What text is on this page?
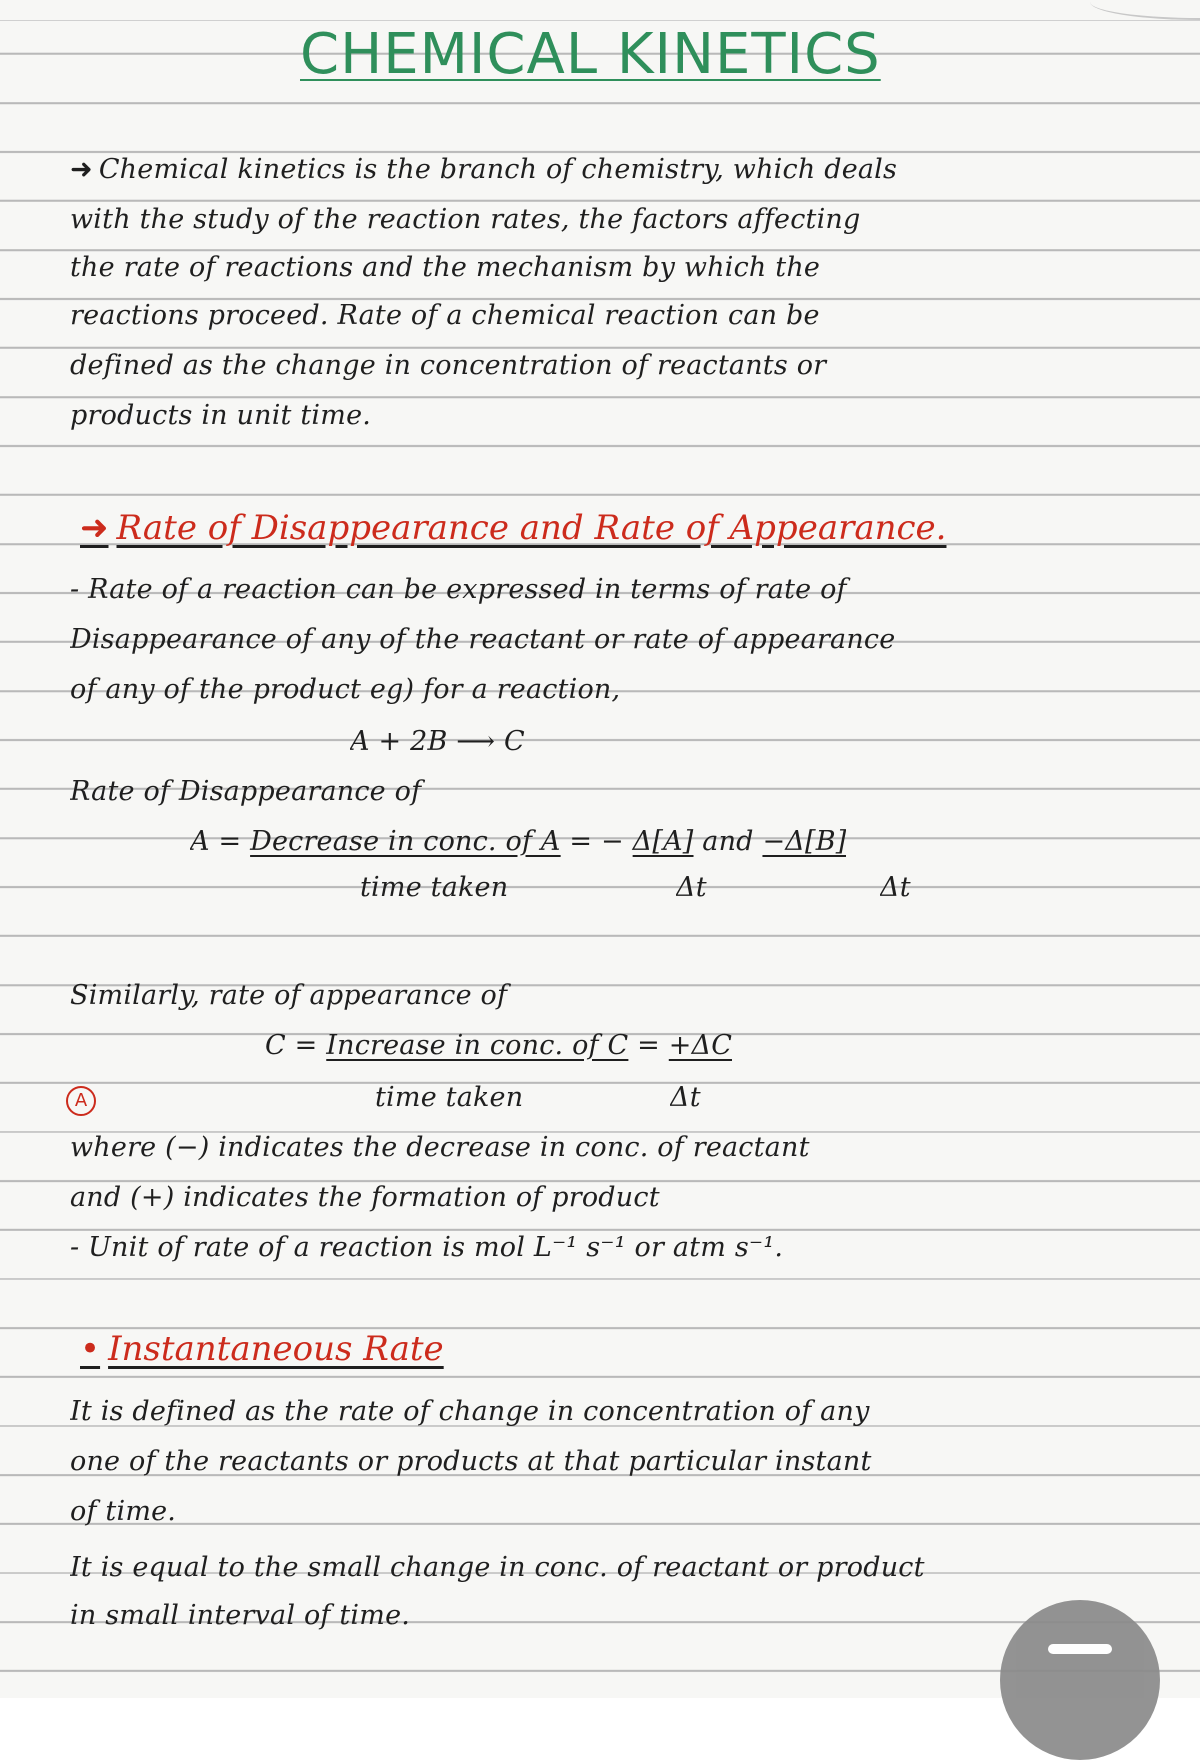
CHEMICAL KINETICS
➜ Chemical kinetics is the branch of chemistry, which deals
with the study of the reaction rates, the factors affecting
the rate of reactions and the mechanism by which the
reactions proceed. Rate of a chemical reaction can be
defined as the change in concentration of reactants or
products in unit time.
➜ Rate of Disappearance and Rate of Appearance.
- Rate of a reaction can be expressed in terms of rate of
Disappearance of any of the reactant or rate of appearance
of any of the product eg) for a reaction,
A + 2B ⟶ C
Rate of Disappearance of
A = Decrease in conc. of A = − Δ[A] and −Δ[B]
time taken	Δt	Δt
Similarly, rate of appearance of
C = Increase in conc. of C = +ΔC
A	time taken	Δt
where (−) indicates the decrease in conc. of reactant
and (+) indicates the formation of product
- Unit of rate of a reaction is mol L⁻¹ s⁻¹ or atm s⁻¹.
• Instantaneous Rate
It is defined as the rate of change in concentration of any
one of the reactants or products at that particular instant
of time.
It is equal to the small change in conc. of reactant or product
in small interval of time.
